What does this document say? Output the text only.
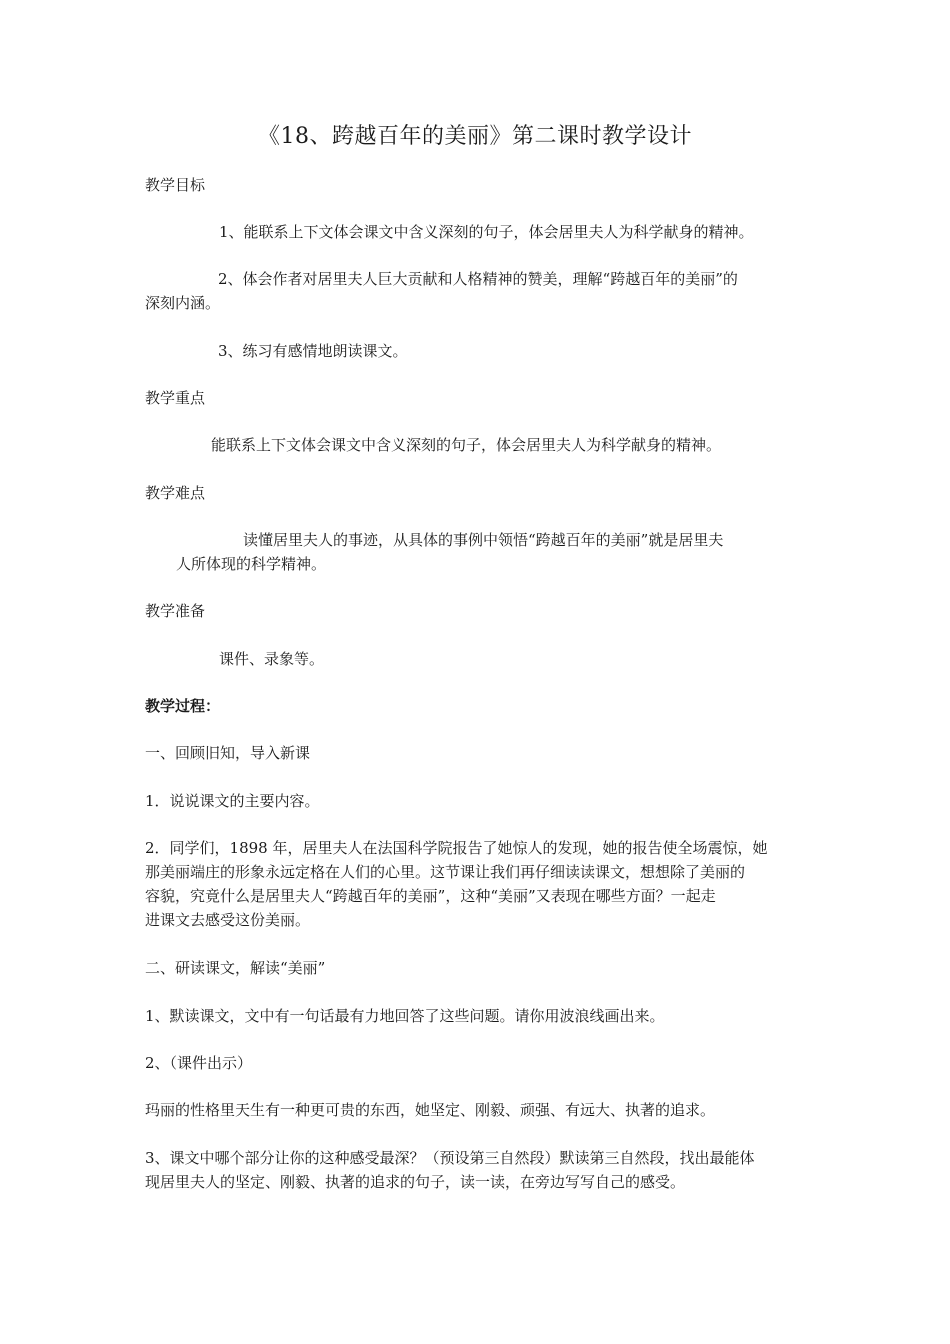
《18、跨越百年的美丽》第二课时教学设计
教学目标
1、能联系上下文体会课文中含义深刻的句子，体会居里夫人为科学献身的精神。
2、体会作者对居里夫人巨大贡献和人格精神的赞美，理解“跨越百年的美丽”的
深刻内涵。
3、练习有感情地朗读课文。
教学重点
能联系上下文体会课文中含义深刻的句子，体会居里夫人为科学献身的精神。
教学难点
读懂居里夫人的事迹，从具体的事例中领悟“跨越百年的美丽”就是居里夫
人所体现的科学精神。
教学准备
课件、录象等。
教学过程：
一、回顾旧知，导入新课
1．说说课文的主要内容。
2．同学们，1898 年，居里夫人在法国科学院报告了她惊人的发现，她的报告使全场震惊，她
那美丽端庄的形象永远定格在人们的心里。这节课让我们再仔细读读课文，想想除了美丽的
容貌，究竟什么是居里夫人“跨越百年的美丽”，这种“美丽”又表现在哪些方面？一起走
进课文去感受这份美丽。
二、研读课文，解读“美丽”
1、默读课文，文中有一句话最有力地回答了这些问题。请你用波浪线画出来。
2、（课件出示）
玛丽的性格里天生有一种更可贵的东西，她坚定、刚毅、顽强、有远大、执著的追求。
3、课文中哪个部分让你的这种感受最深？（预设第三自然段）默读第三自然段，找出最能体
现居里夫人的坚定、刚毅、执著的追求的句子，读一读，在旁边写写自己的感受。
